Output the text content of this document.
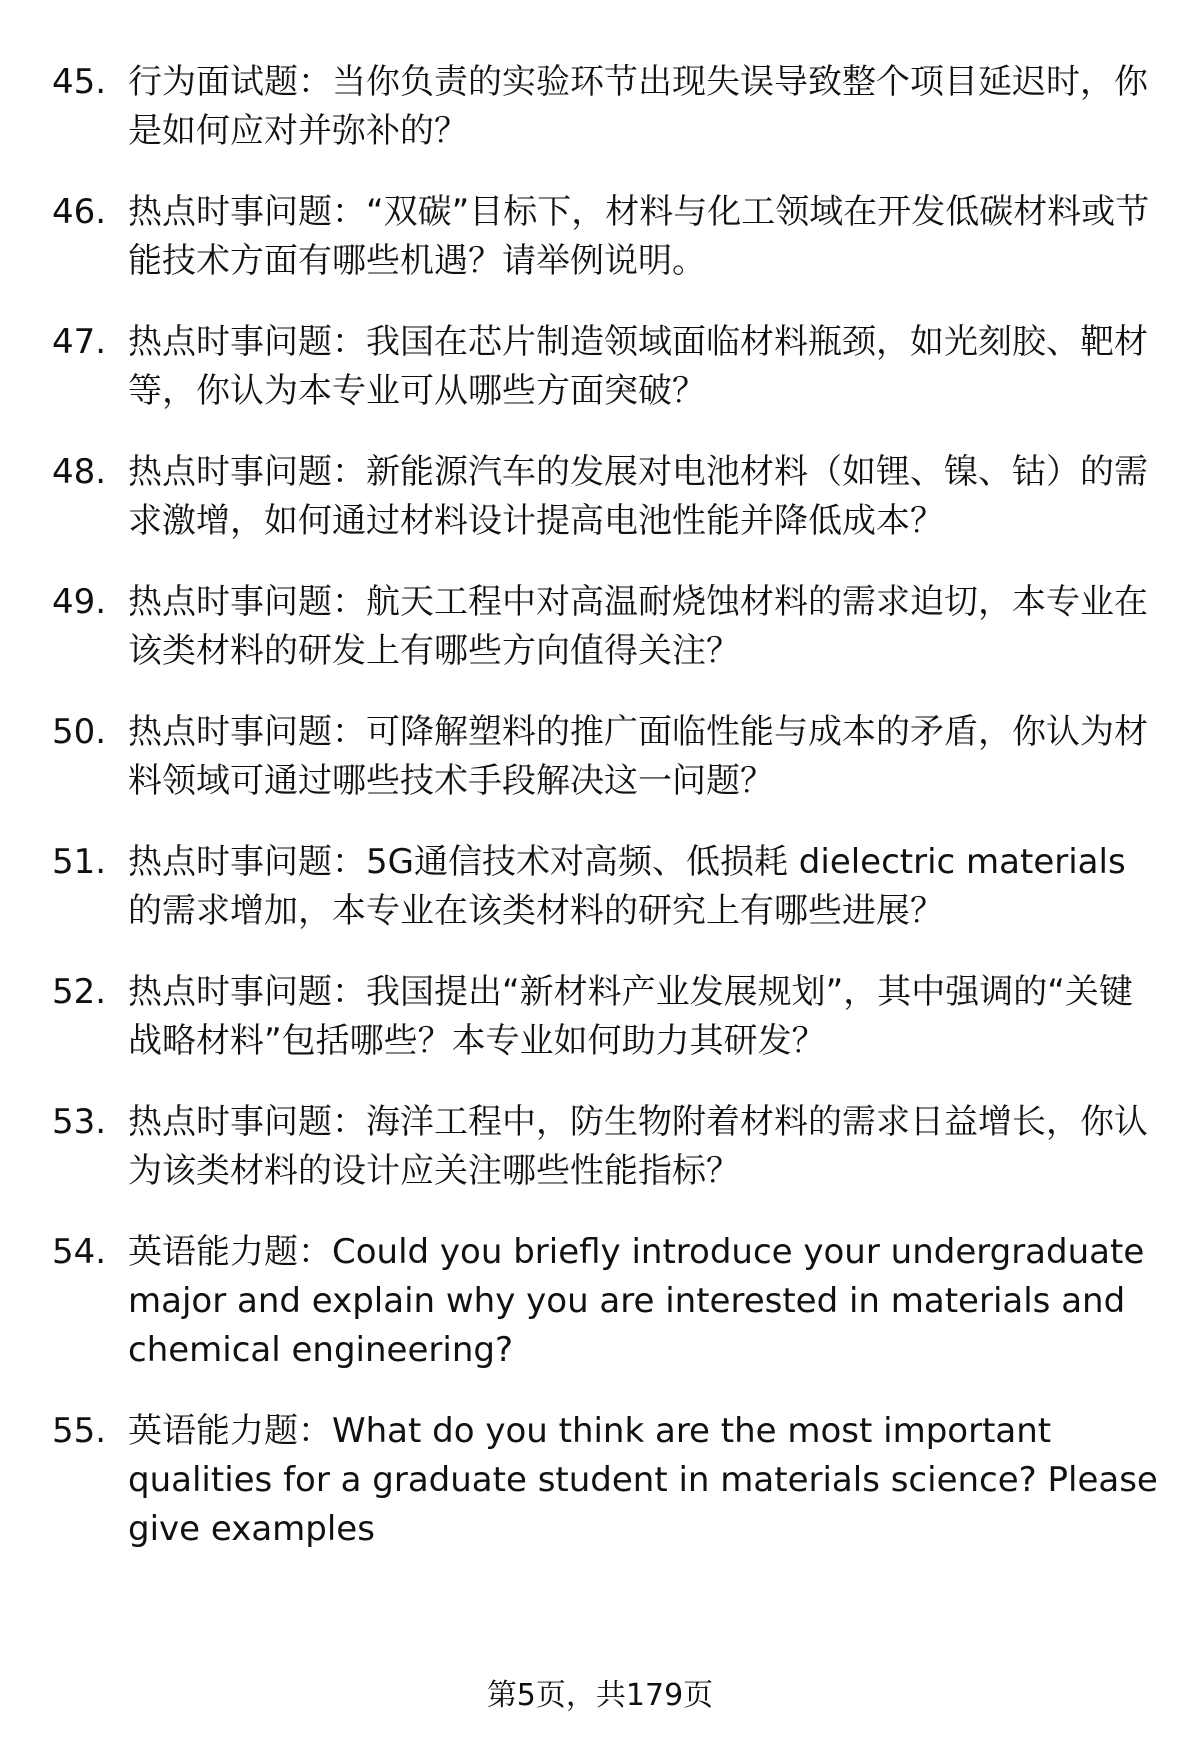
45. 行为面试题：当你负责的实验环节出现失误导致整个项目延迟时，你是如何应对并弥补的？
46. 热点时事问题：“双碳”目标下，材料与化工领域在开发低碳材料或节能技术方面有哪些机遇？请举例说明。
47. 热点时事问题：我国在芯片制造领域面临材料瓶颈，如光刻胶、靶材等，你认为本专业可从哪些方面突破？
48. 热点时事问题：新能源汽车的发展对电池材料（如锂、镍、钴）的需求激增，如何通过材料设计提高电池性能并降低成本？
49. 热点时事问题：航天工程中对高温耐烧蚀材料的需求迫切，本专业在该类材料的研发上有哪些方向值得关注？
50. 热点时事问题：可降解塑料的推广面临性能与成本的矛盾，你认为材料领域可通过哪些技术手段解决这一问题？
51. 热点时事问题：5G通信技术对高频、低损耗 dielectric materials 的需求增加，本专业在该类材料的研究上有哪些进展？
52. 热点时事问题：我国提出“新材料产业发展规划”，其中强调的“关键战略材料”包括哪些？本专业如何助力其研发？
53. 热点时事问题：海洋工程中，防生物附着材料的需求日益增长，你认为该类材料的设计应关注哪些性能指标？
54. 英语能力题：Could you briefly introduce your undergraduate major and explain why you are interested in materials and chemical engineering?
55. 英语能力题：What do you think are the most important qualities for a graduate student in materials science? Please give examples
第5页，共179页
